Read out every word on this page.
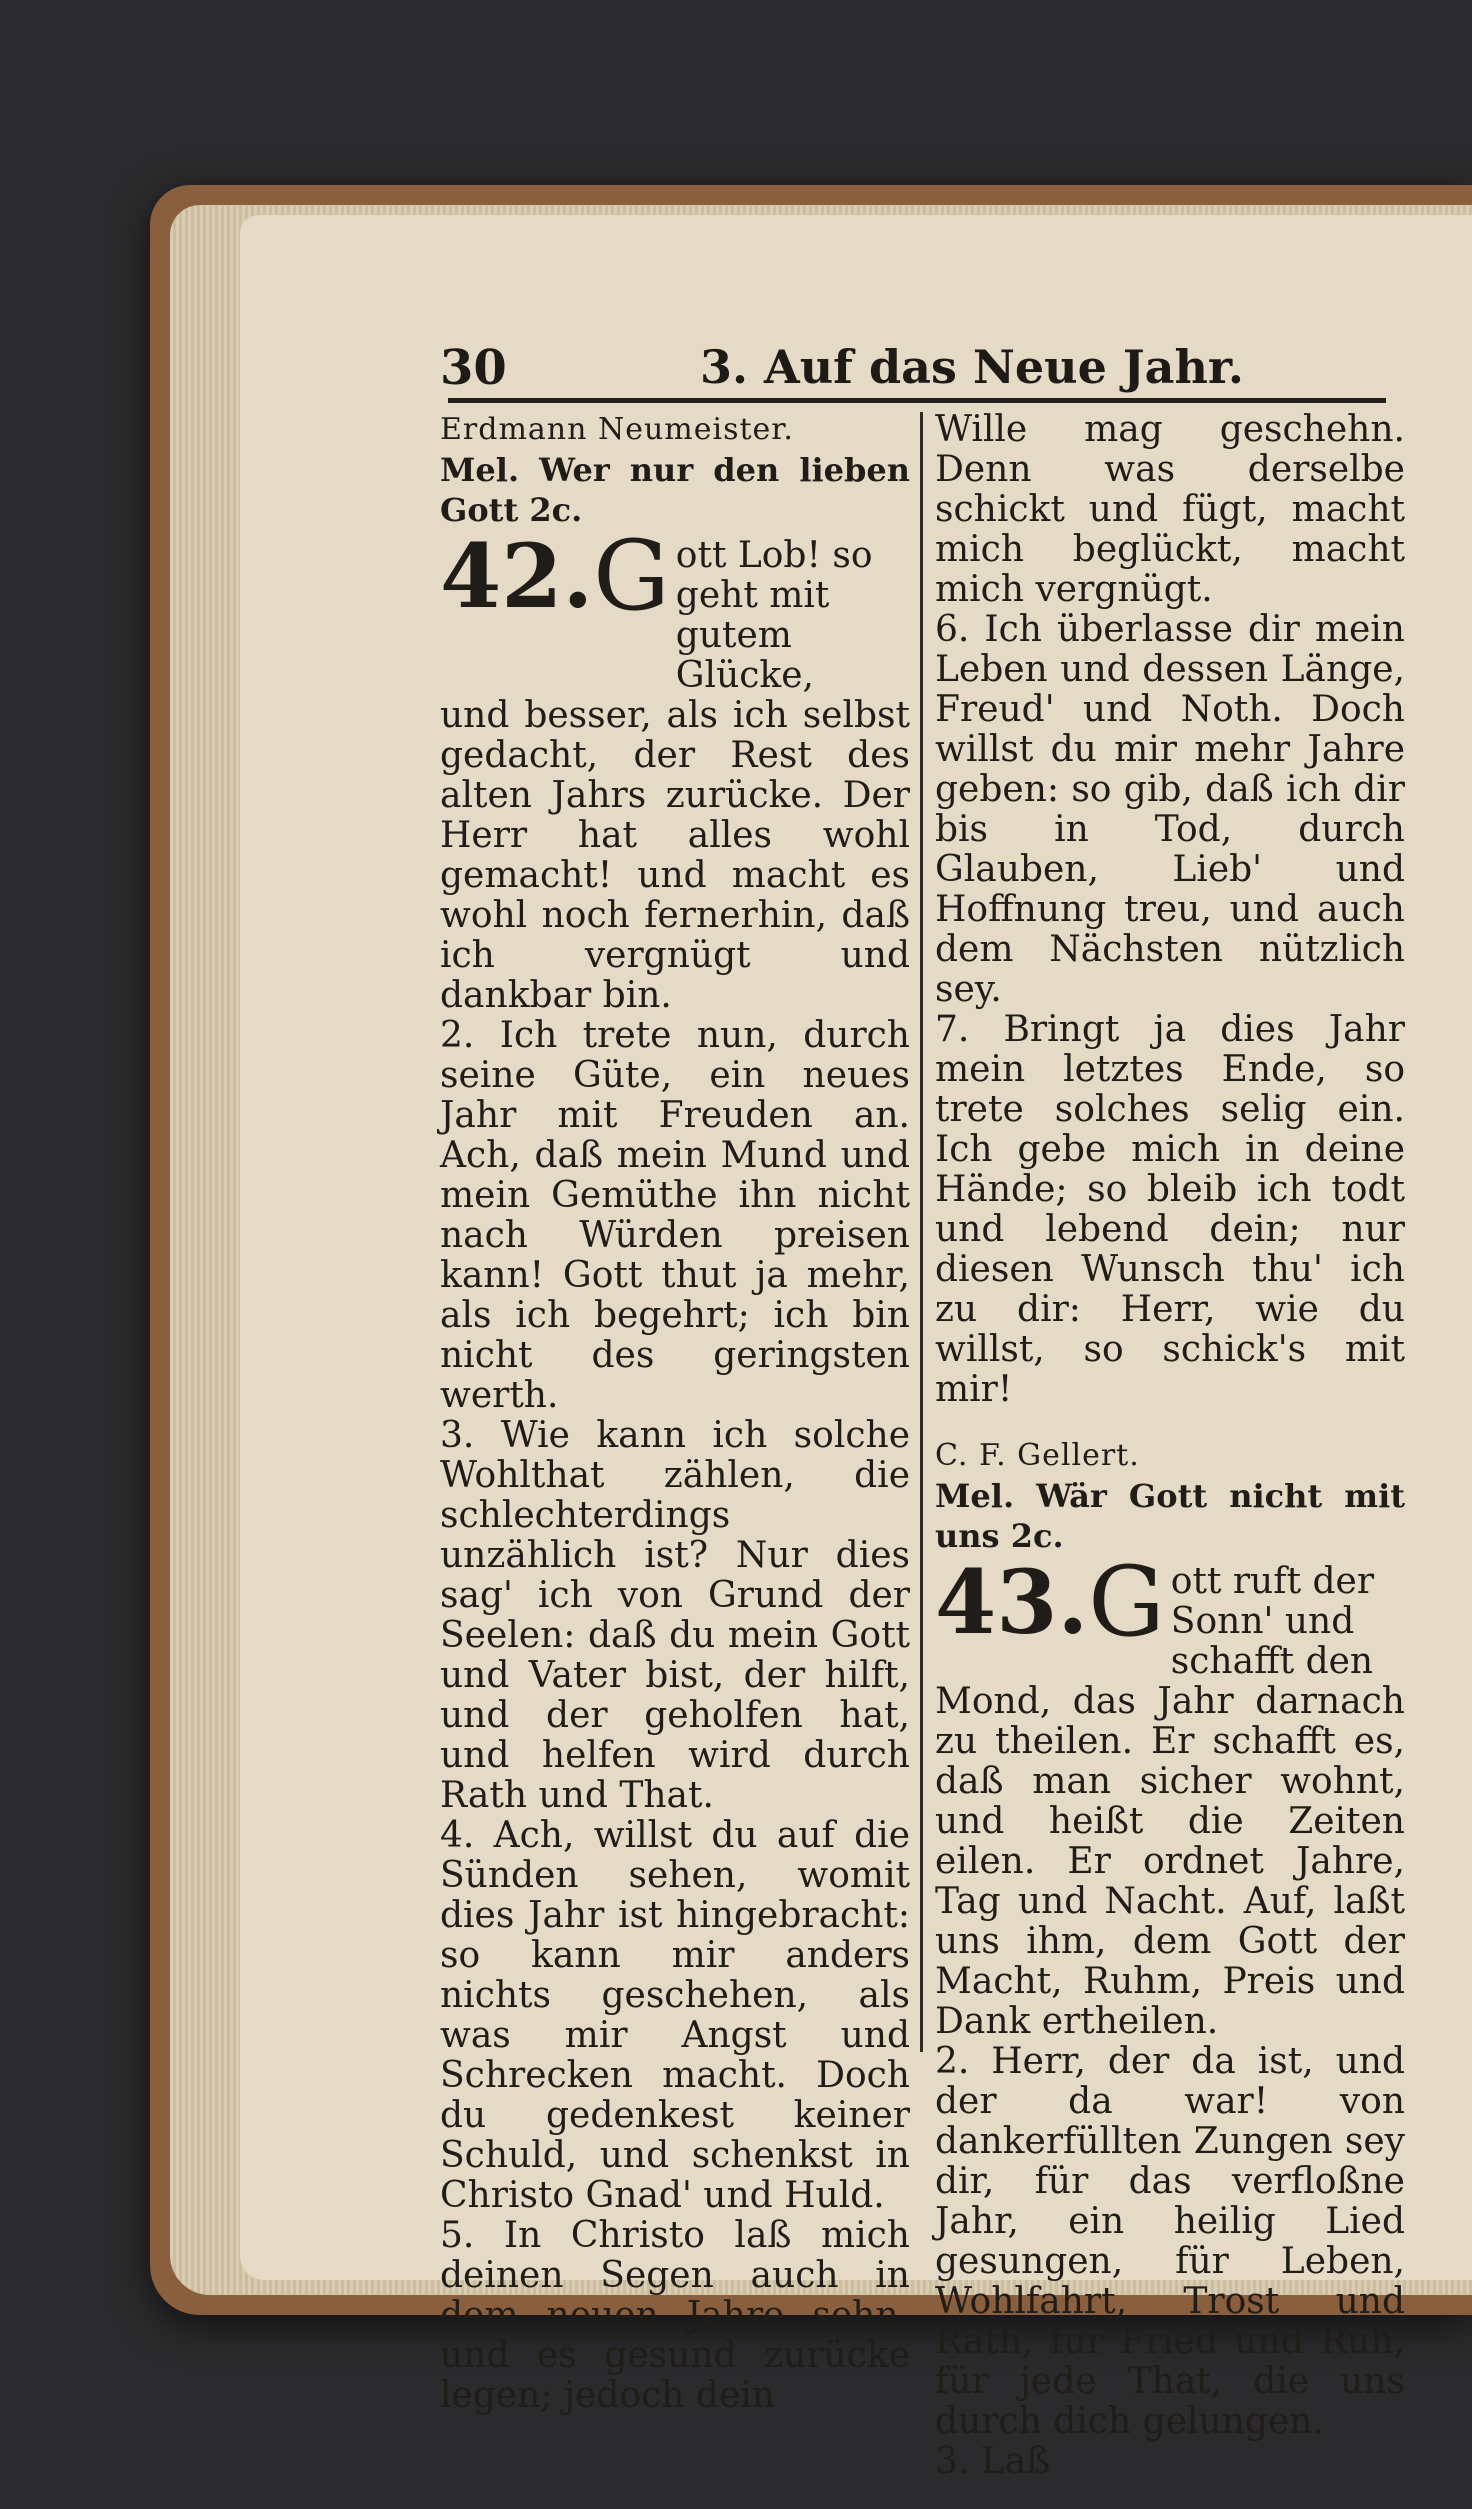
30	3. Auf das Neue Jahr.

Erdmann Neumeister.

Mel. Wer nur den lieben Gott 2c.

42. G ott Lob! so geht mit gutem Glücke,

und besser, als ich selbst gedacht, der Rest des alten Jahrs zurücke. Der Herr hat alles wohl gemacht! und macht es wohl noch fernerhin, daß ich vergnügt und dankbar bin.

2. Ich trete nun, durch seine Güte, ein neues Jahr mit Freuden an. Ach, daß mein Mund und mein Gemüthe ihn nicht nach Würden preisen kann! Gott thut ja mehr, als ich begehrt; ich bin nicht des geringsten werth.

3. Wie kann ich solche Wohlthat zählen, die schlechterdings unzählich ist? Nur dies sag' ich von Grund der Seelen: daß du mein Gott und Vater bist, der hilft, und der geholfen hat, und helfen wird durch Rath und That.

4. Ach, willst du auf die Sünden sehen, womit dies Jahr ist hingebracht: so kann mir anders nichts geschehen, als was mir Angst und Schrecken macht. Doch du gedenkest keiner Schuld, und schenkst in Christo Gnad' und Huld.

5. In Christo laß mich deinen Segen auch in dem neuen Jahre sehn, und es gesund zurücke legen; jedoch dein

Wille mag geschehn. Denn was derselbe schickt und fügt, macht mich beglückt, macht mich vergnügt.

6. Ich überlasse dir mein Leben und dessen Länge, Freud' und Noth. Doch willst du mir mehr Jahre geben: so gib, daß ich dir bis in Tod, durch Glauben, Lieb' und Hoffnung treu, und auch dem Nächsten nützlich sey.

7. Bringt ja dies Jahr mein letztes Ende, so trete solches selig ein. Ich gebe mich in deine Hände; so bleib ich todt und lebend dein; nur diesen Wunsch thu' ich zu dir: Herr, wie du willst, so schick's mit mir!

C. F. Gellert.

Mel. Wär Gott nicht mit uns 2c.

43. G ott ruft der Sonn' und schafft den

Mond, das Jahr darnach zu theilen. Er schafft es, daß man sicher wohnt, und heißt die Zeiten eilen. Er ordnet Jahre, Tag und Nacht. Auf, laßt uns ihm, dem Gott der Macht, Ruhm, Preis und Dank ertheilen.

2. Herr, der da ist, und der da war! von dankerfüllten Zungen sey dir, für das verfloßne Jahr, ein heilig Lied gesungen, für Leben, Wohlfahrt, Trost und Rath, für Fried und Ruh, für jede That, die uns durch dich gelungen.

3. Laß
